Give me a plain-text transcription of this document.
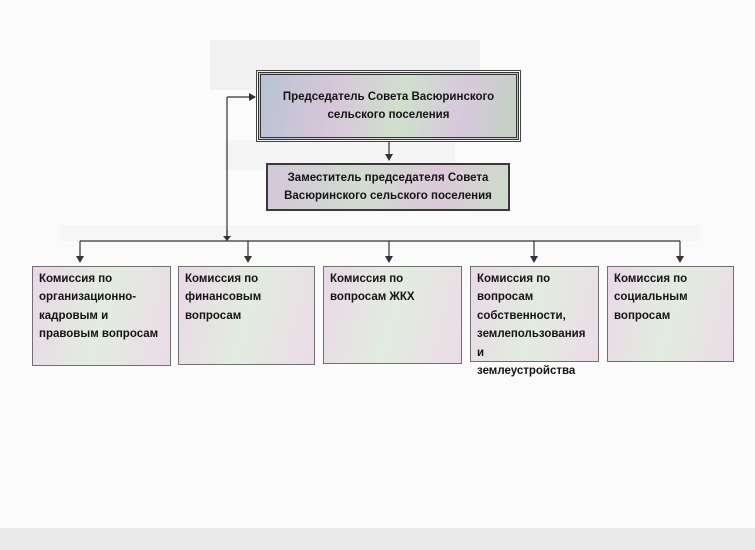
Председатель Совета Васюринского
сельского поселения
Заместитель председателя Совета
Васюринского сельского поселения
Комиссия по
организационно-
кадровым и
правовым вопросам
Комиссия по
финансовым
вопросам
Комиссия по
вопросам ЖКХ
Комиссия по
вопросам
собственности,
землепользования и
землеустройства
Комиссия по
социальным
вопросам
